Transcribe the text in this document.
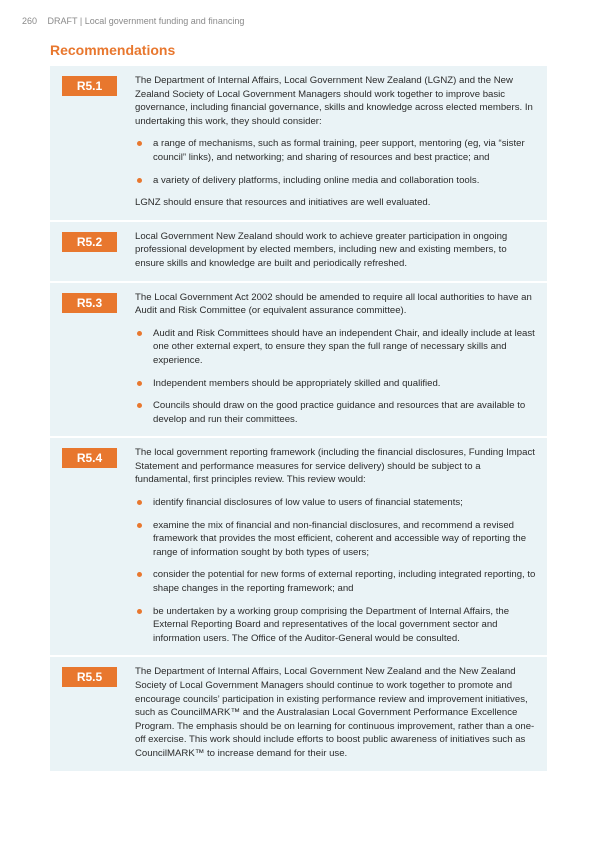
260 DRAFT | Local government funding and financing
Recommendations
R5.1	The Department of Internal Affairs, Local Government New Zealand (LGNZ) and the New Zealand Society of Local Government Managers should work together to improve basic governance, including financial governance, skills and knowledge across elected members. In undertaking this work, they should consider:

a range of mechanisms, such as formal training, peer support, mentoring (eg, via “sister council” links), and networking; and sharing of resources and best practice; and
a variety of delivery platforms, including online media and collaboration tools.

LGNZ should ensure that resources and initiatives are well evaluated.

R5.2	Local Government New Zealand should work to achieve greater participation in ongoing professional development by elected members, including new and existing members, to ensure skills and knowledge are built and periodically refreshed.

R5.3	The Local Government Act 2002 should be amended to require all local authorities to have an Audit and Risk Committee (or equivalent assurance committee).

Audit and Risk Committees should have an independent Chair, and ideally include at least one other external expert, to ensure they span the full range of necessary skills and experience.
Independent members should be appropriately skilled and qualified.
Councils should draw on the good practice guidance and resources that are available to develop and run their committees.
R5.4	The local government reporting framework (including the financial disclosures, Funding Impact Statement and performance measures for service delivery) should be subject to a fundamental, first principles review. This review would:

identify financial disclosures of low value to users of financial statements;
examine the mix of financial and non-financial disclosures, and recommend a revised framework that provides the most efficient, coherent and accessible way of reporting the range of information sought by both types of users;
consider the potential for new forms of external reporting, including integrated reporting, to shape changes in the reporting framework; and
be undertaken by a working group comprising the Department of Internal Affairs, the External Reporting Board and representatives of the local government sector and information users. The Office of the Auditor-General would be consulted.
R5.5	The Department of Internal Affairs, Local Government New Zealand and the New Zealand Society of Local Government Managers should continue to work together to promote and encourage councils’ participation in existing performance review and improvement initiatives, such as CouncilMARK™ and the Australasian Local Government Performance Excellence Program. The emphasis should be on learning for continuous improvement, rather than a one-off exercise. This work should include efforts to boost public awareness of initiatives such as CouncilMARK™ to increase demand for their use.
